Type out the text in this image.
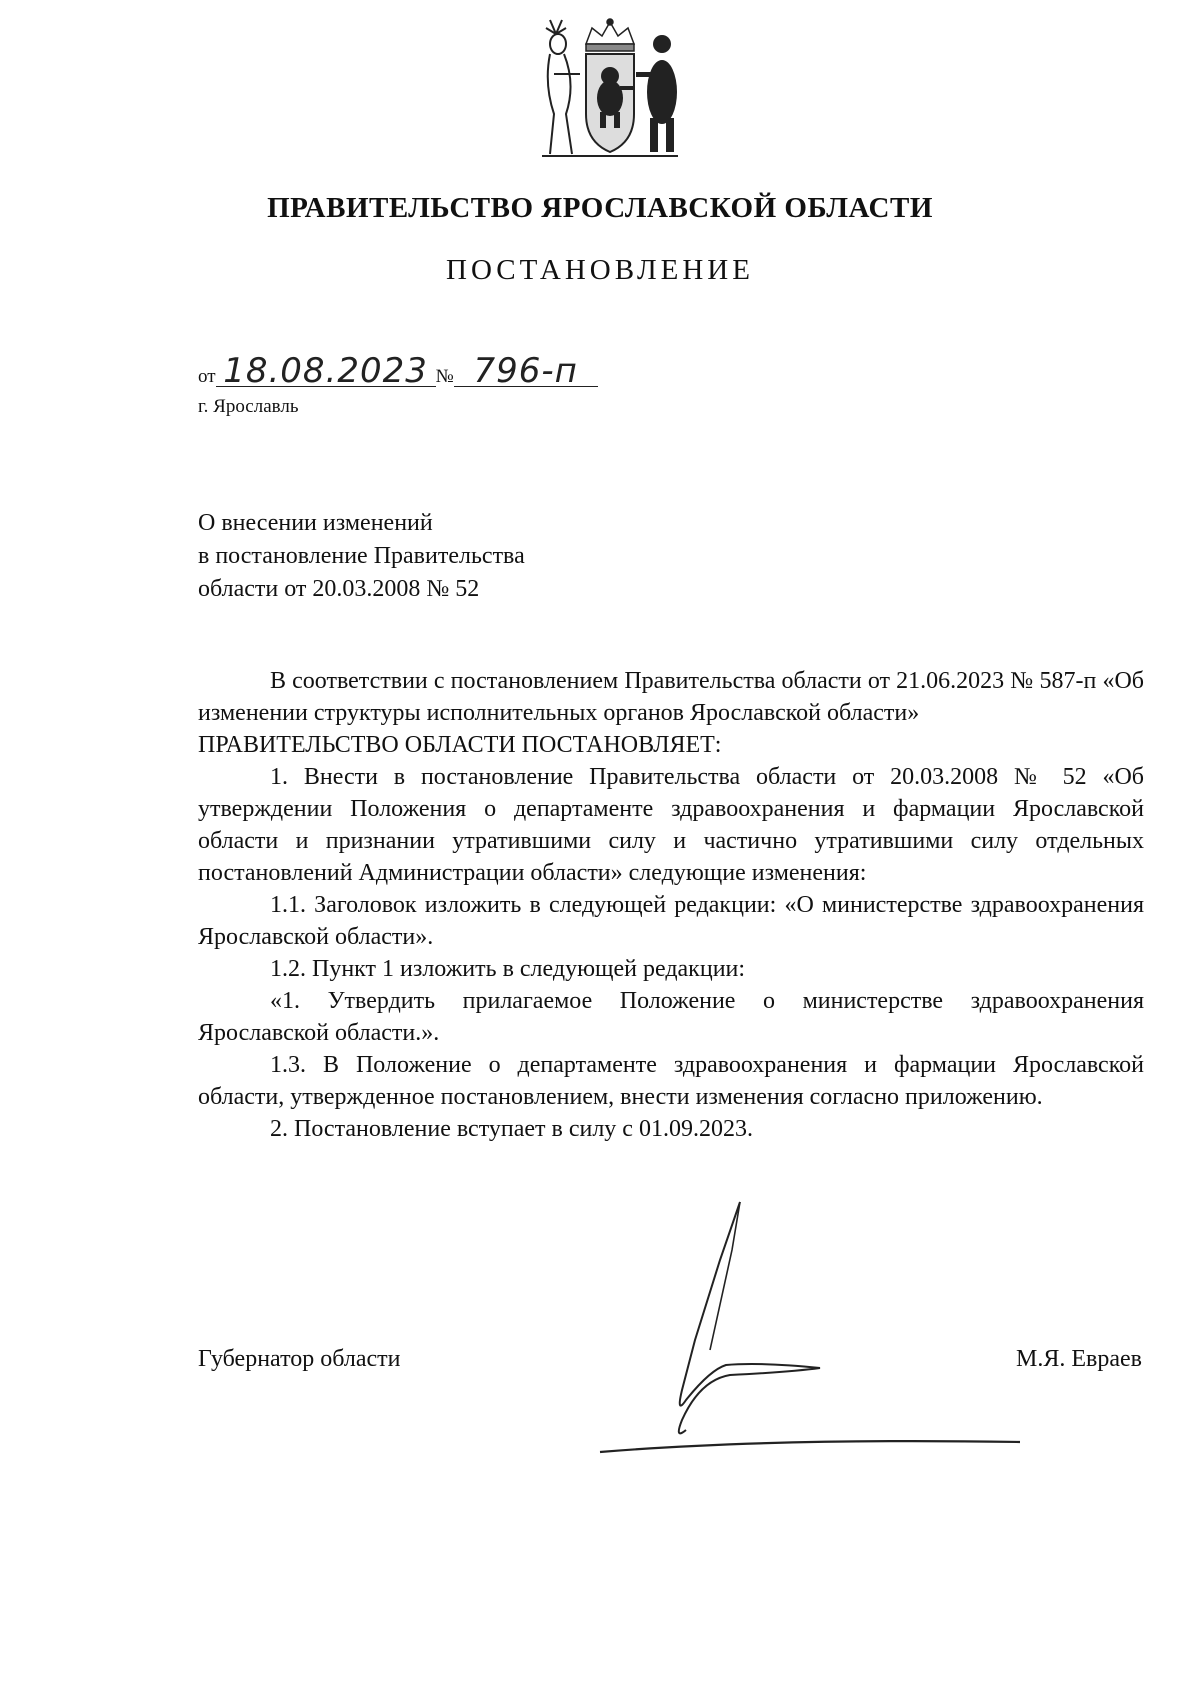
ПРАВИТЕЛЬСТВО ЯРОСЛАВСКОЙ ОБЛАСТИ
ПОСТАНОВЛЕНИЕ
от 18.08.2023 № 796-п
г. Ярославль
О внесении изменений
в постановление Правительства
области от 20.03.2008 № 52

В соответствии с постановлением Правительства области от 21.06.2023 № 587-п «Об изменении структуры исполнительных органов Ярославской области»

ПРАВИТЕЛЬСТВО ОБЛАСТИ ПОСТАНОВЛЯЕТ:

1. Внести в постановление Правительства области от 20.03.2008 № 52 «Об утверждении Положения о департаменте здравоохранения и фармации Ярославской области и признании утратившими силу и частично утратившими силу отдельных постановлений Администрации области» следующие изменения:

1.1. Заголовок изложить в следующей редакции: «О министерстве здравоохранения Ярославской области».

1.2. Пункт 1 изложить в следующей редакции:

«1. Утвердить прилагаемое Положение о министерстве здравоохранения Ярославской области.».

1.3. В Положение о департаменте здравоохранения и фармации Ярославской области, утвержденное постановлением, внести изменения согласно приложению.

2. Постановление вступает в силу с 01.09.2023.

Губернатор области	М.Я. Евраев
